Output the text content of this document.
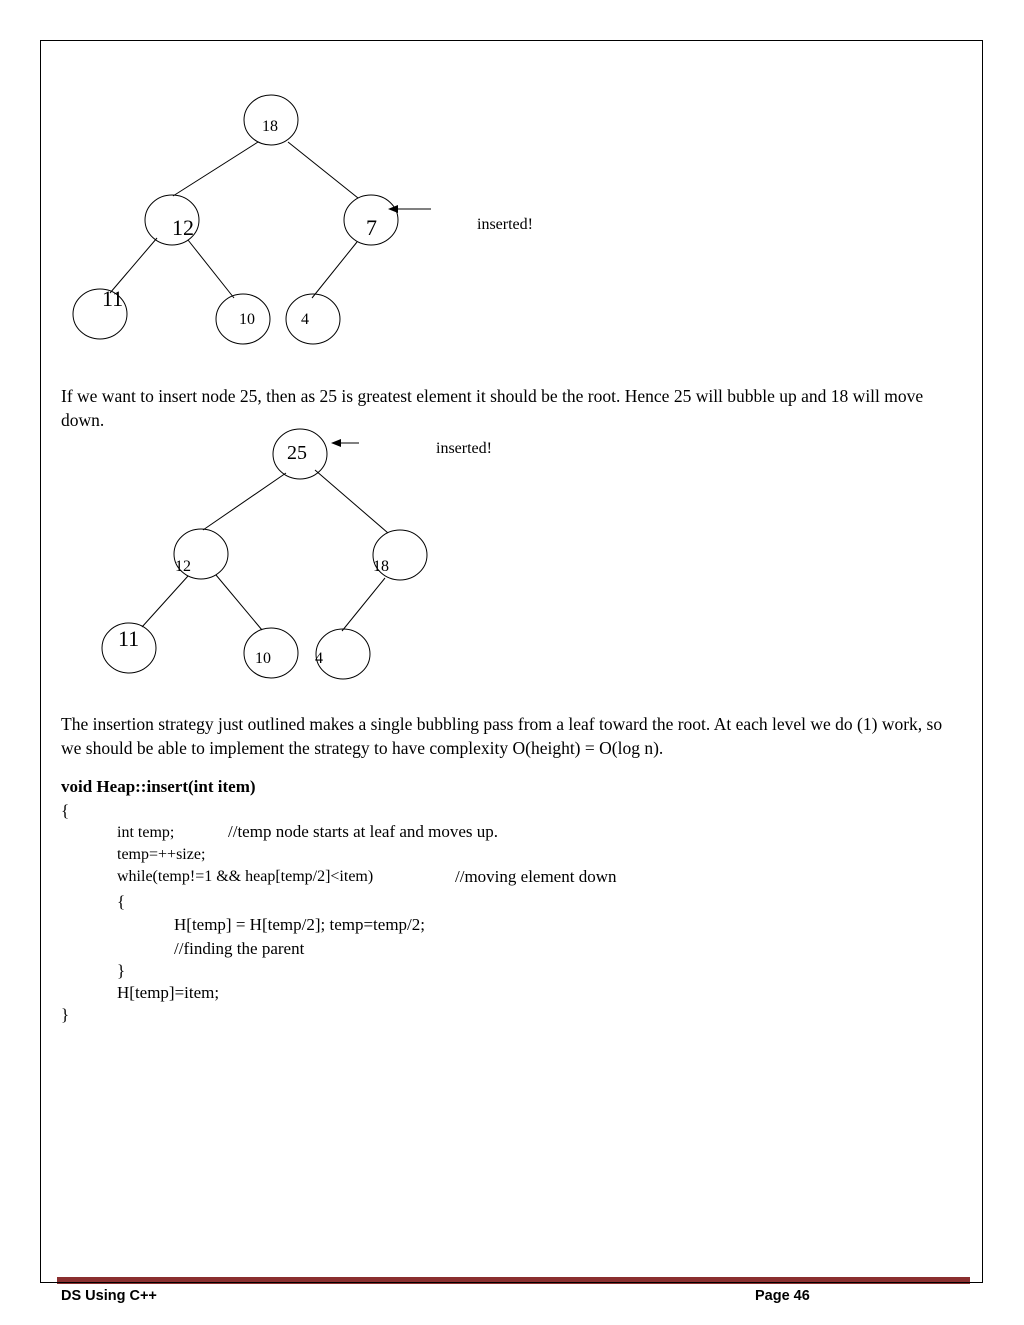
18
12	7
11
10	4
inserted!

If we want to insert node 25, then as 25 is greatest element it should be the root. Hence 25 will bubble up and 18 will move down.

25
12	18
11
10	4
inserted!

The insertion strategy just outlined makes a single bubbling pass from a leaf toward the root. At each level we do (1) work, so we should be able to implement the strategy to have complexity O(height) = O(log n).

void Heap::insert(int item)
{
int temp;	//temp node starts at leaf and moves up.
temp=++size;
while(temp!=1 && heap[temp/2]<item)	//moving element down
{
H[temp] = H[temp/2]; temp=temp/2;
//finding the parent
}
H[temp]=item;
}
DS Using C++	Page 46
